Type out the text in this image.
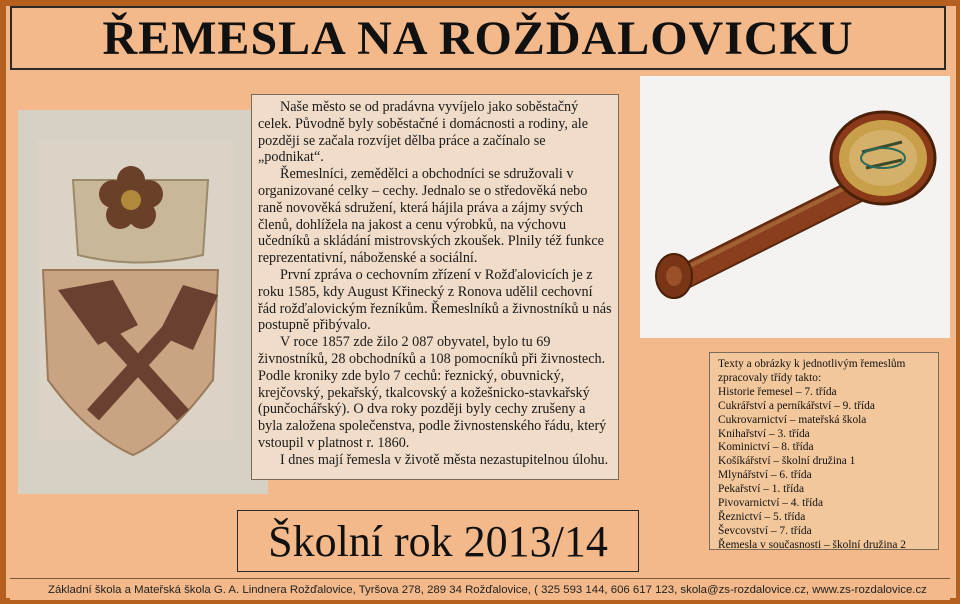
ŘEMESLA NA ROŽĎALOVICKU

Naše město se od pradávna vyvíjelo jako soběstačný celek. Původně byly soběstačné i domácnosti a rodiny, ale později se začala rozvíjet dělba práce a začínalo se „podnikat“.

Řemeslníci, zemědělci a obchodníci se sdružovali v organizované celky – cechy. Jednalo se o středověká nebo raně novověká sdružení, která hájila práva a zájmy svých členů, dohlížela na jakost a cenu výrobků, na výchovu učedníků a skládání mistrovských zkoušek. Plnily též funkce reprezentativní, náboženské a sociální.

První zpráva o cechovním zřízení v Rožďalovicích je z roku 1585, kdy August Křinecký z Ronova udělil cechovní řád rožďalovickým řezníkům. Řemeslníků a živnostníků u nás postupně přibývalo.

V roce 1857 zde žilo 2 087 obyvatel, bylo tu 69 živnostníků, 28 obchodníků a 108 pomocníků při živnostech. Podle kroniky zde bylo 7 cechů: řeznický, obuvnický, krejčovský, pekařský, tkalcovský a kožešnicko-stavkařský (punčochářský). O dva roky později byly cechy zrušeny a byla založena společenstva, podle živnostenského řádu, který vstoupil v platnost r. 1860.

I dnes mají řemesla v životě města nezastupitelnou úlohu.

Texty a obrázky k jednotlivým řemeslům zpracovaly třídy takto:
Historie řemesel – 7. třída
Cukrářství a perníkářství – 9. třída
Cukrovarnictví – mateřská škola
Knihařství – 3. třída
Kominictví – 8. třída
Košíkářství – školní družina 1
Mlynářství – 6. třída
Pekařství – 1. třída
Pivovarnictví – 4. třída
Řeznictví – 5. třída
Ševcovství – 7. třída
Řemesla v současnosti – školní družina 2
Školní rok 2013/14
Základní škola a Mateřská škola G. A. Lindnera Rožďalovice, Tyršova 278, 289 34 Rožďalovice, ( 325 593 144, 606 617 123, skola@zs-rozdalovice.cz, www.zs-rozdalovice.cz
